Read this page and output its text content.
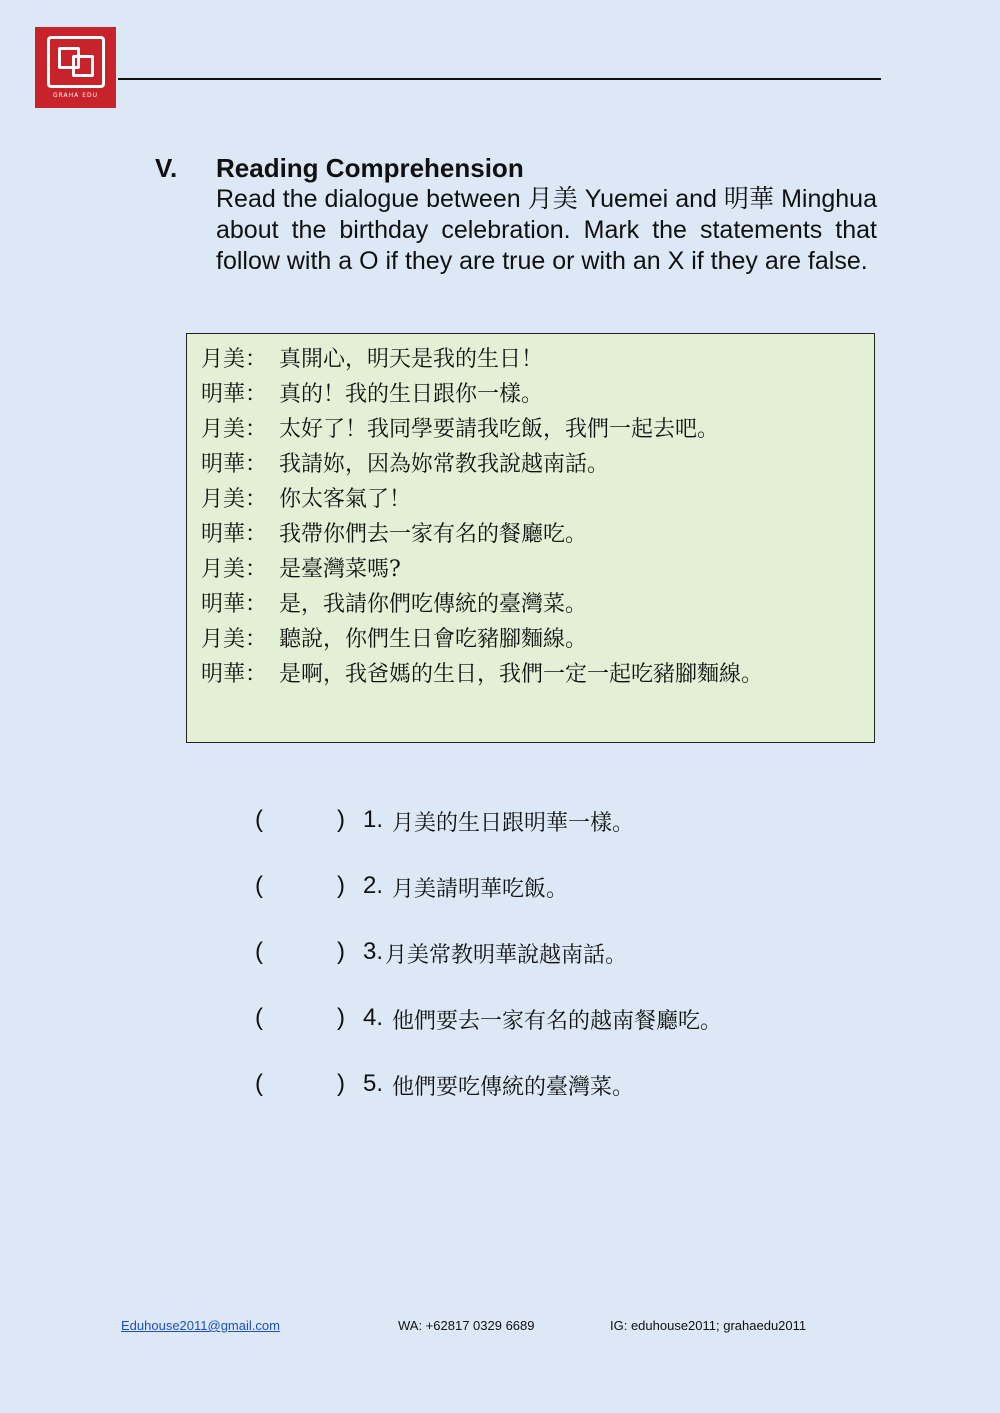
GRAHA EDU
V. Reading Comprehension
Read the dialogue between 月美 Yuemei and 明華 Minghua about the birthday celebration. Mark the statements that follow with a O if they are true or with an X if they are false.
月美： 真開心，明天是我的生日！
明華： 真的！我的生日跟你一樣。
月美： 太好了！我同學要請我吃飯，我們一起去吧。
明華： 我請妳，因為妳常教我說越南話。
月美： 你太客氣了！
明華： 我帶你們去一家有名的餐廳吃。
月美： 是臺灣菜嗎?
明華： 是，我請你們吃傳統的臺灣菜。
月美： 聽說，你們生日會吃豬腳麵線。
明華： 是啊，我爸媽的生日，我們一定一起吃豬腳麵線。
(	) 1. 月美的生日跟明華一樣。
(	) 2. 月美請明華吃飯。
(	) 3. 月美常教明華說越南話。
(	) 4. 他們要去一家有名的越南餐廳吃。
(	) 5. 他們要吃傳統的臺灣菜。
Eduhouse2011@gmail.com	WA: +62817 0329 6689	IG: eduhouse2011; grahaedu2011
